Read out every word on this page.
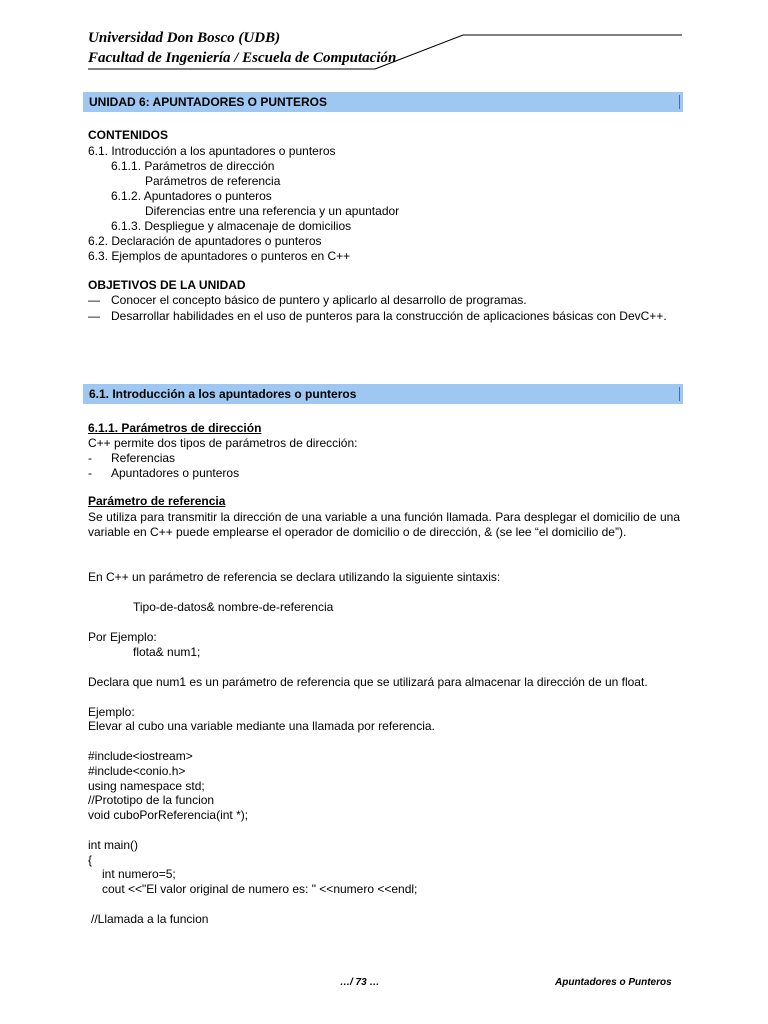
Universidad Don Bosco (UDB)
Facultad de Ingeniería / Escuela de Computación
UNIDAD 6: APUNTADORES O PUNTEROS
CONTENIDOS
6.1. Introducción a los apuntadores o punteros
6.1.1. Parámetros de dirección
Parámetros de referencia
6.1.2. Apuntadores o punteros
Diferencias entre una referencia y un apuntador
6.1.3. Despliegue y almacenaje de domicilios
6.2. Declaración de apuntadores o punteros
6.3. Ejemplos de apuntadores o punteros en C++
OBJETIVOS DE LA UNIDAD
— Conocer el concepto básico de puntero y aplicarlo al desarrollo de programas.
— Desarrollar habilidades en el uso de punteros para la construcción de aplicaciones básicas con DevC++.
6.1. Introducción a los apuntadores o punteros
6.1.1. Parámetros de dirección
C++ permite dos tipos de parámetros de dirección:
- Referencias
- Apuntadores o punteros
Parámetro de referencia
Se utiliza para transmitir la dirección de una variable a una función llamada. Para desplegar el domicilio de una variable en C++ puede emplearse el operador de domicilio o de dirección, & (se lee “el domicilio de”).
En C++ un parámetro de referencia se declara utilizando la siguiente sintaxis:
Tipo-de-datos& nombre-de-referencia
Por Ejemplo:
flota& num1;
Declara que num1 es un parámetro de referencia que se utilizará para almacenar la dirección de un float.
Ejemplo:
Elevar al cubo una variable mediante una llamada por referencia.
#include<iostream>
#include<conio.h>
using namespace std;
//Prototipo de la funcion
void cuboPorReferencia(int *);
int main()
{
int numero=5;
cout <<"El valor original de numero es: " <<numero <<endl;
//Llamada a la funcion
…/ 73 …	Apuntadores o Punteros
